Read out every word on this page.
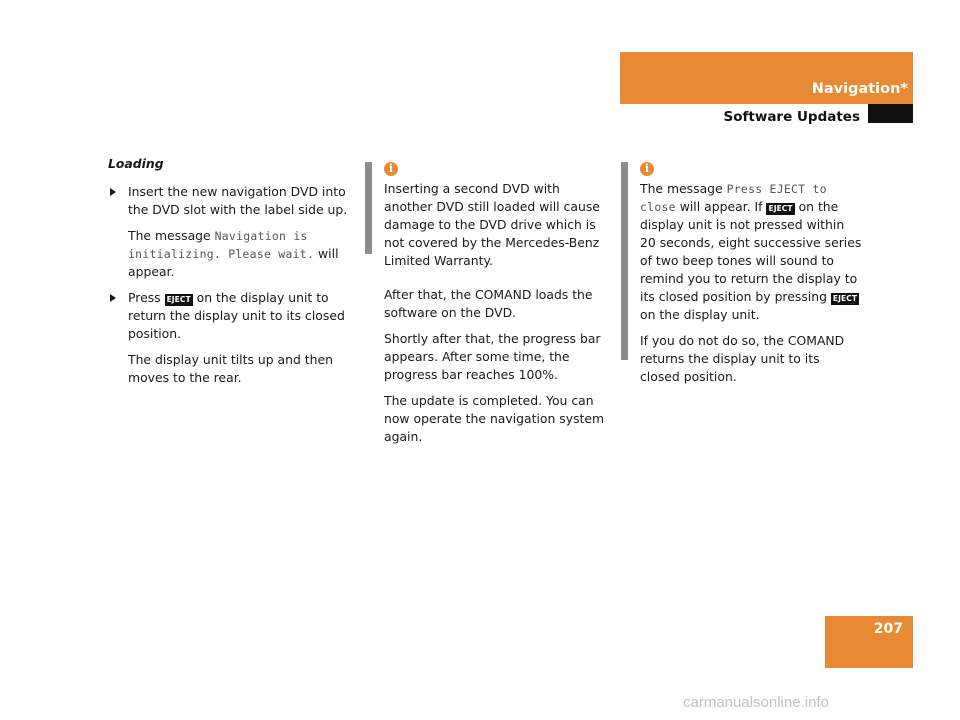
Navigation*
Software Updates
Loading
Insert the new navigation DVD into the DVD slot with the label side up.
The message Navigation is initializing. Please wait. will appear.
Press EJECT on the display unit to return the display unit to its closed position.
The display unit tilts up and then moves to the rear.
i

Inserting a second DVD with another DVD still loaded will cause damage to the DVD drive which is not covered by the Mercedes-Benz Limited Warranty.

After that, the COMAND loads the software on the DVD.

Shortly after that, the progress bar appears. After some time, the progress bar reaches 100%.

The update is completed. You can now operate the navigation system again.

i

The message Press EJECT to close will appear. If EJECT on the display unit is not pressed within 20 seconds, eight successive series of two beep tones will sound to remind you to return the display to its closed position by pressing EJECT on the display unit.

If you do not do so, the COMAND returns the display unit to its closed position.

207
carmanualsonline.info
